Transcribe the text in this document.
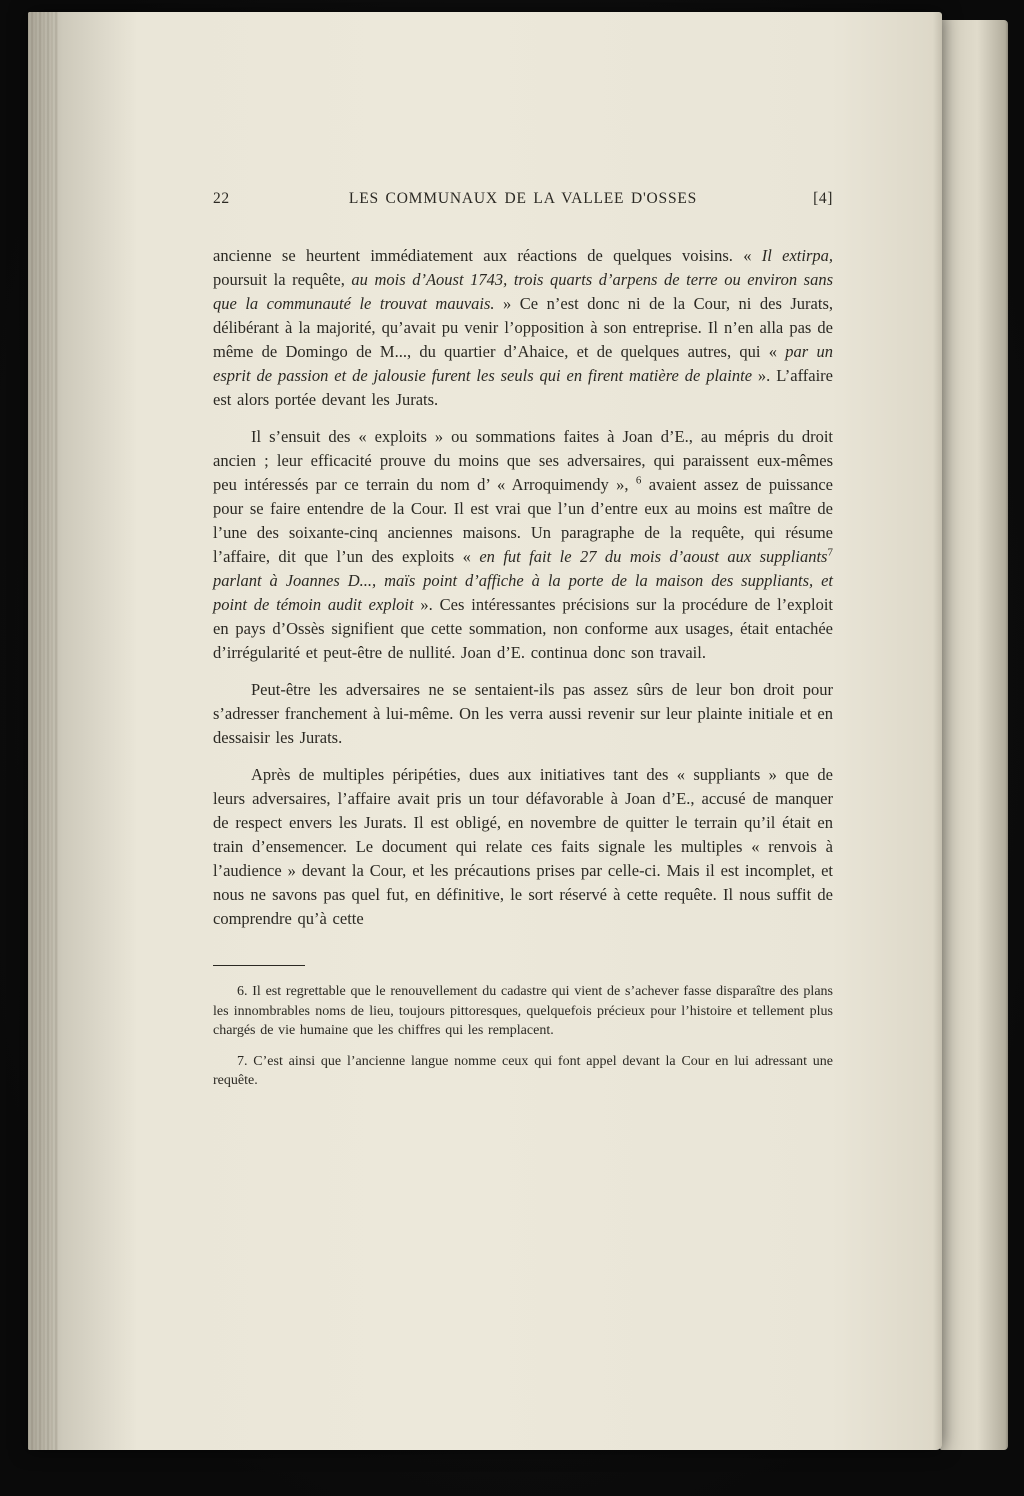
22	LES COMMUNAUX DE LA VALLEE D'OSSES	[4]

ancienne se heurtent immédiatement aux réactions de quelques voisins. « Il extirpa, poursuit la requête, au mois d’Aoust 1743, trois quarts d’arpens de terre ou environ sans que la communauté le trouvat mauvais. » Ce n’est donc ni de la Cour, ni des Jurats, délibérant à la majorité, qu’avait pu venir l’opposition à son entreprise. Il n’en alla pas de même de Domingo de M..., du quartier d’Ahaice, et de quelques autres, qui « par un esprit de passion et de jalousie furent les seuls qui en firent matière de plainte ». L’affaire est alors portée devant les Jurats.

Il s’ensuit des « exploits » ou sommations faites à Joan d’E., au mépris du droit ancien ; leur efficacité prouve du moins que ses adversaires, qui paraissent eux-mêmes peu intéressés par ce terrain du nom d’ « Arroquimendy », $^6$ avaient assez de puissance pour se faire entendre de la Cour. Il est vrai que l’un d’entre eux au moins est maître de l’une des soixante-cinq anciennes maisons. Un paragraphe de la requête, qui résume l’affaire, dit que l’un des exploits « en fut fait le 27 du mois d’aoust aux suppliants$^7$ parlant à Joannes D..., maïs point d’affiche à la porte de la maison des suppliants, et point de témoin audit exploit ». Ces intéressantes précisions sur la procédure de l’exploit en pays d’Ossès signifient que cette sommation, non conforme aux usages, était entachée d’irrégularité et peut-être de nullité. Joan d’E. continua donc son travail.

Peut-être les adversaires ne se sentaient-ils pas assez sûrs de leur bon droit pour s’adresser franchement à lui-même. On les verra aussi revenir sur leur plainte initiale et en dessaisir les Jurats.

Après de multiples péripéties, dues aux initiatives tant des « suppliants » que de leurs adversaires, l’affaire avait pris un tour défavorable à Joan d’E., accusé de manquer de respect envers les Jurats. Il est obligé, en novembre de quitter le terrain qu’il était en train d’ensemencer. Le document qui relate ces faits signale les multiples « renvois à l’audience » devant la Cour, et les précautions prises par celle-ci. Mais il est incomplet, et nous ne savons pas quel fut, en définitive, le sort réservé à cette requête. Il nous suffit de comprendre qu’à cette

6. Il est regrettable que le renouvellement du cadastre qui vient de s’achever fasse disparaître des plans les innombrables noms de lieu, toujours pittoresques, quelquefois précieux pour l’histoire et tellement plus chargés de vie humaine que les chiffres qui les remplacent.

7. C’est ainsi que l’ancienne langue nomme ceux qui font appel devant la Cour en lui adressant une requête.
